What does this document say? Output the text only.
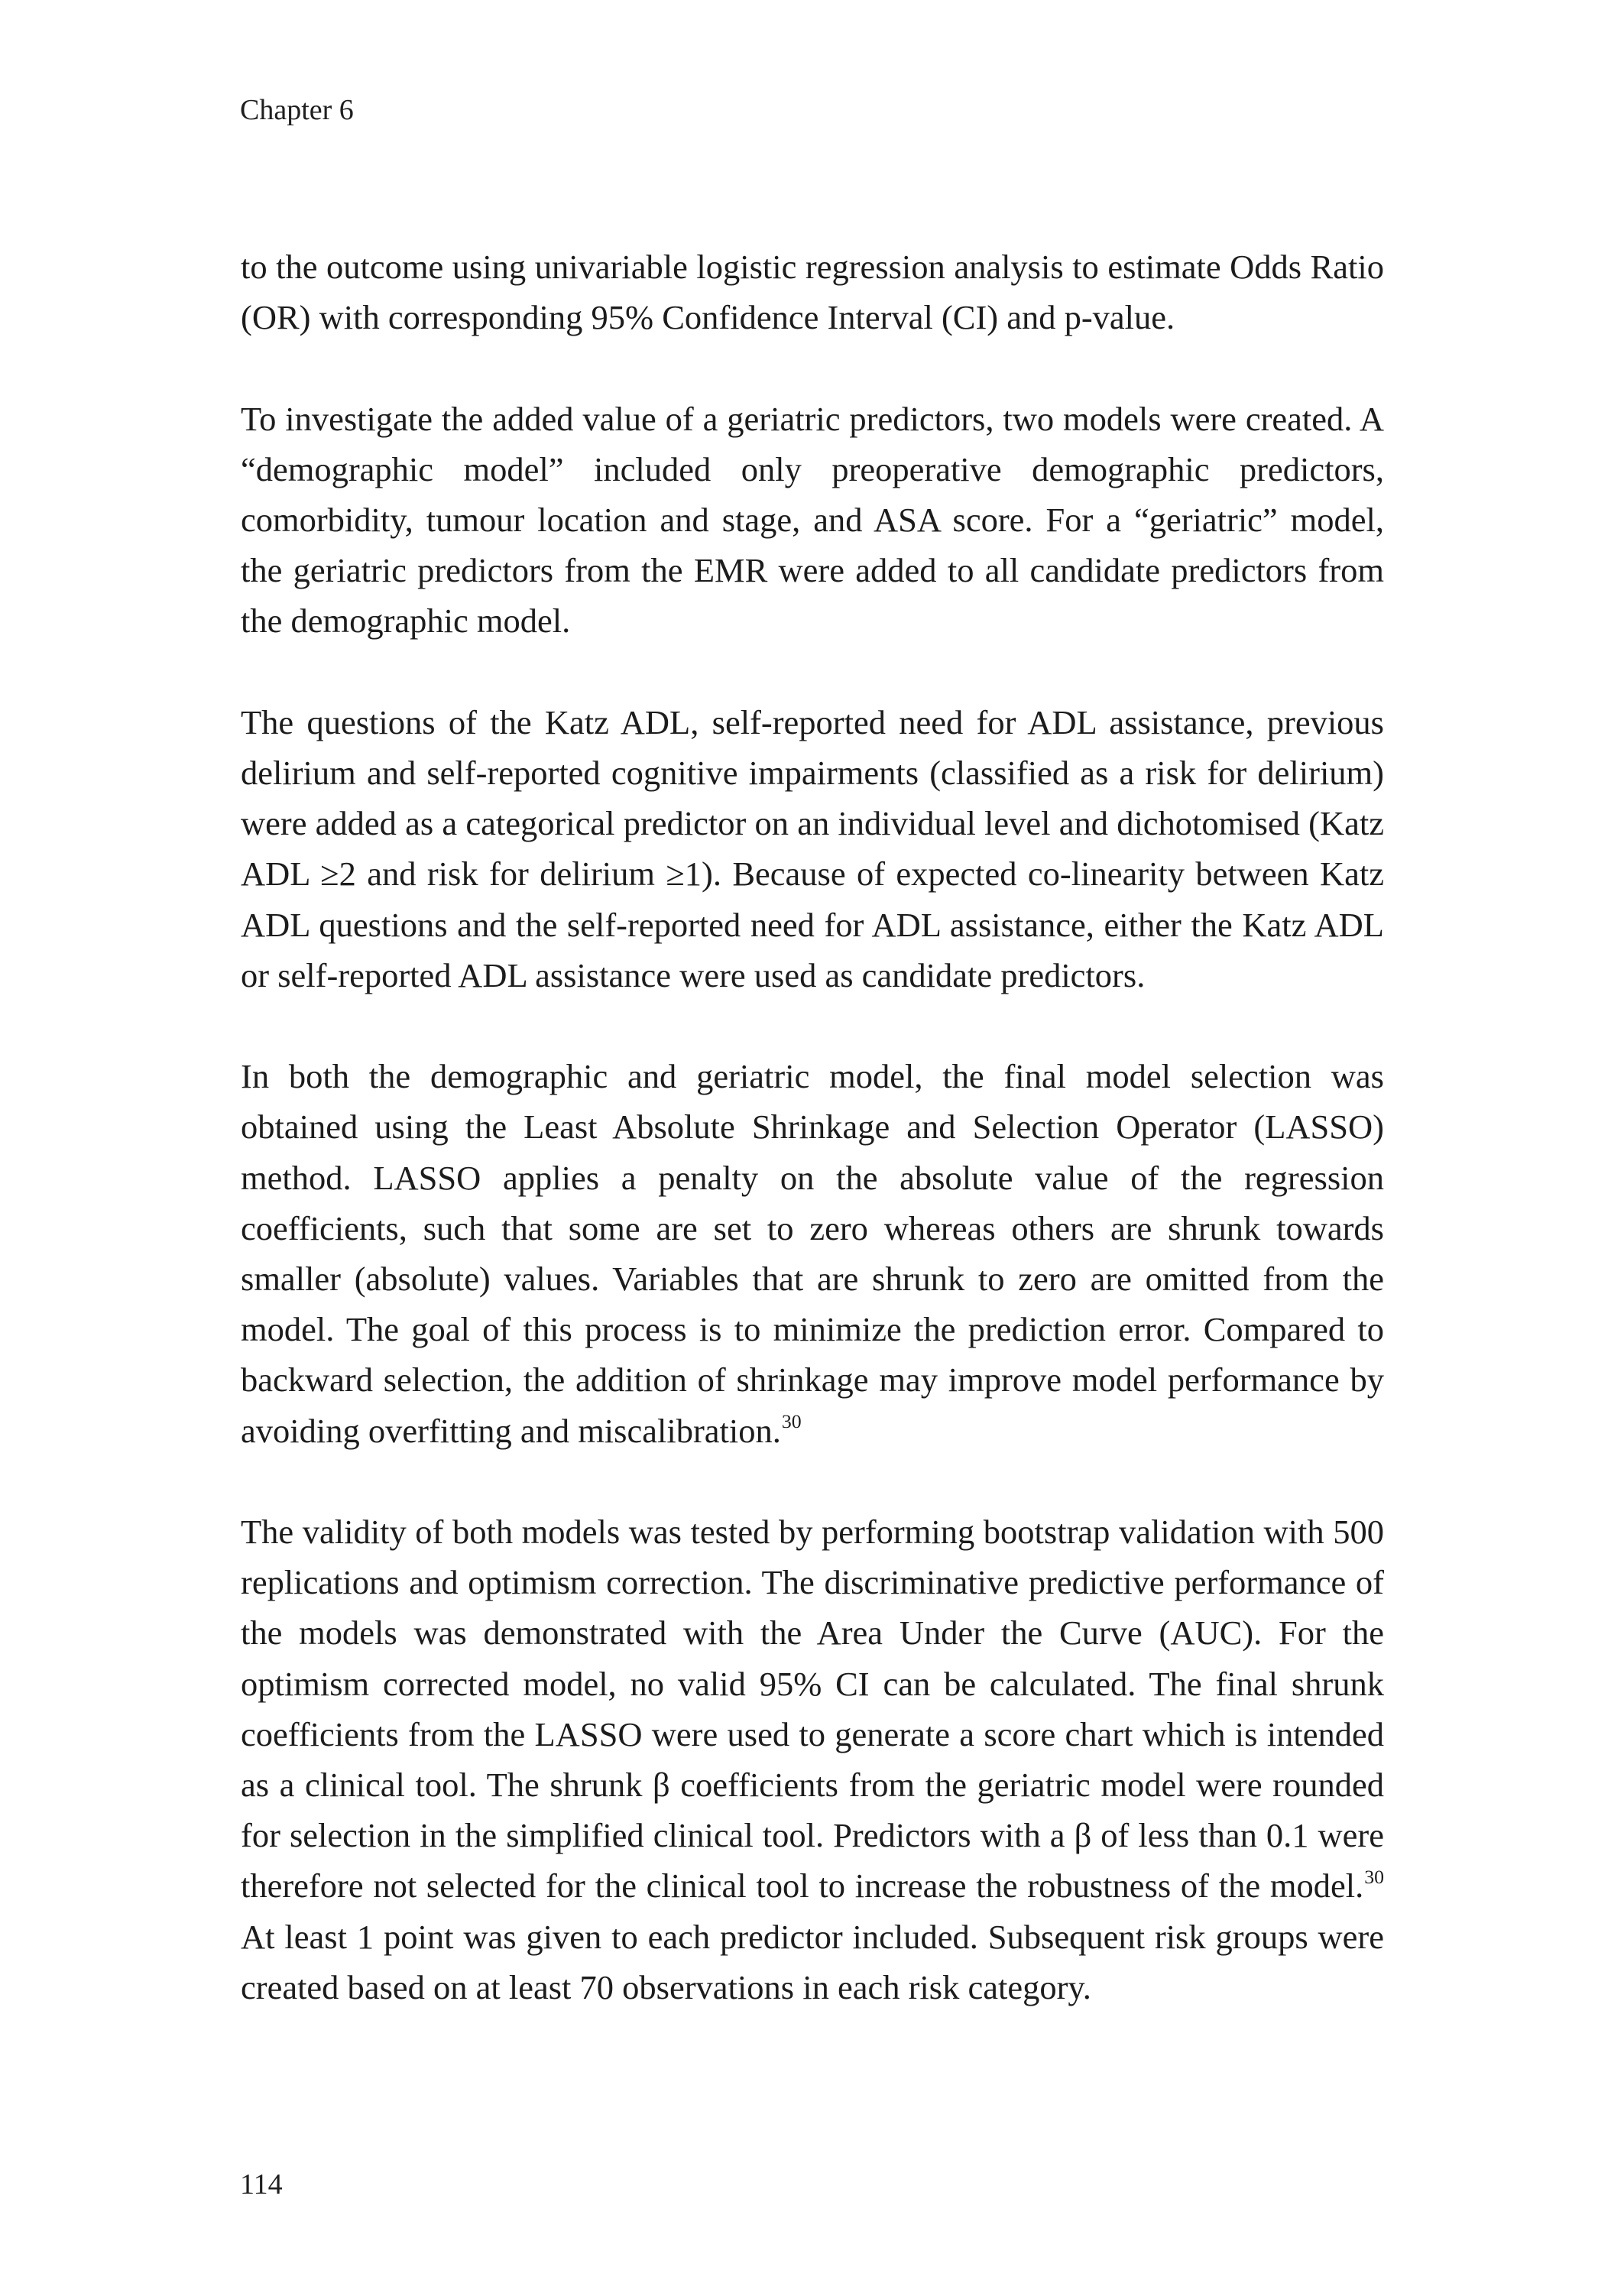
Chapter 6

to the outcome using univariable logistic regression analysis to estimate Odds Ratio (OR) with corresponding 95% Confidence Interval (CI) and p-value.

To investigate the added value of a geriatric predictors, two models were created. A “demographic model” included only preoperative demographic predictors, comorbidity, tumour location and stage, and ASA score. For a “geriatric” model, the geriatric predictors from the EMR were added to all candidate predictors from the demographic model.

The questions of the Katz ADL, self-reported need for ADL assistance, previous delirium and self-reported cognitive impairments (classified as a risk for delirium) were added as a categorical predictor on an individual level and dichotomised (Katz ADL ≥2 and risk for delirium ≥1). Because of expected co-linearity between Katz ADL questions and the self-reported need for ADL assistance, either the Katz ADL or self-reported ADL assistance were used as candidate predictors.

In both the demographic and geriatric model, the final model selection was obtained using the Least Absolute Shrinkage and Selection Operator (LASSO) method. LASSO applies a penalty on the absolute value of the regression coefficients, such that some are set to zero whereas others are shrunk towards smaller (absolute) values. Variables that are shrunk to zero are omitted from the model. The goal of this process is to minimize the prediction error. Compared to backward selection, the addition of shrinkage may improve model performance by avoiding overfitting and miscalibration.$^{30}$

The validity of both models was tested by performing bootstrap validation with 500 replications and optimism correction. The discriminative predictive performance of the models was demonstrated with the Area Under the Curve (AUC). For the optimism corrected model, no valid 95% CI can be calculated. The final shrunk coefficients from the LASSO were used to generate a score chart which is intended as a clinical tool. The shrunk β coefficients from the geriatric model were rounded for selection in the simplified clinical tool. Predictors with a β of less than 0.1 were therefore not selected for the clinical tool to increase the robustness of the model.$^{30}$ At least 1 point was given to each predictor included. Subsequent risk groups were created based on at least 70 observations in each risk category.

114
